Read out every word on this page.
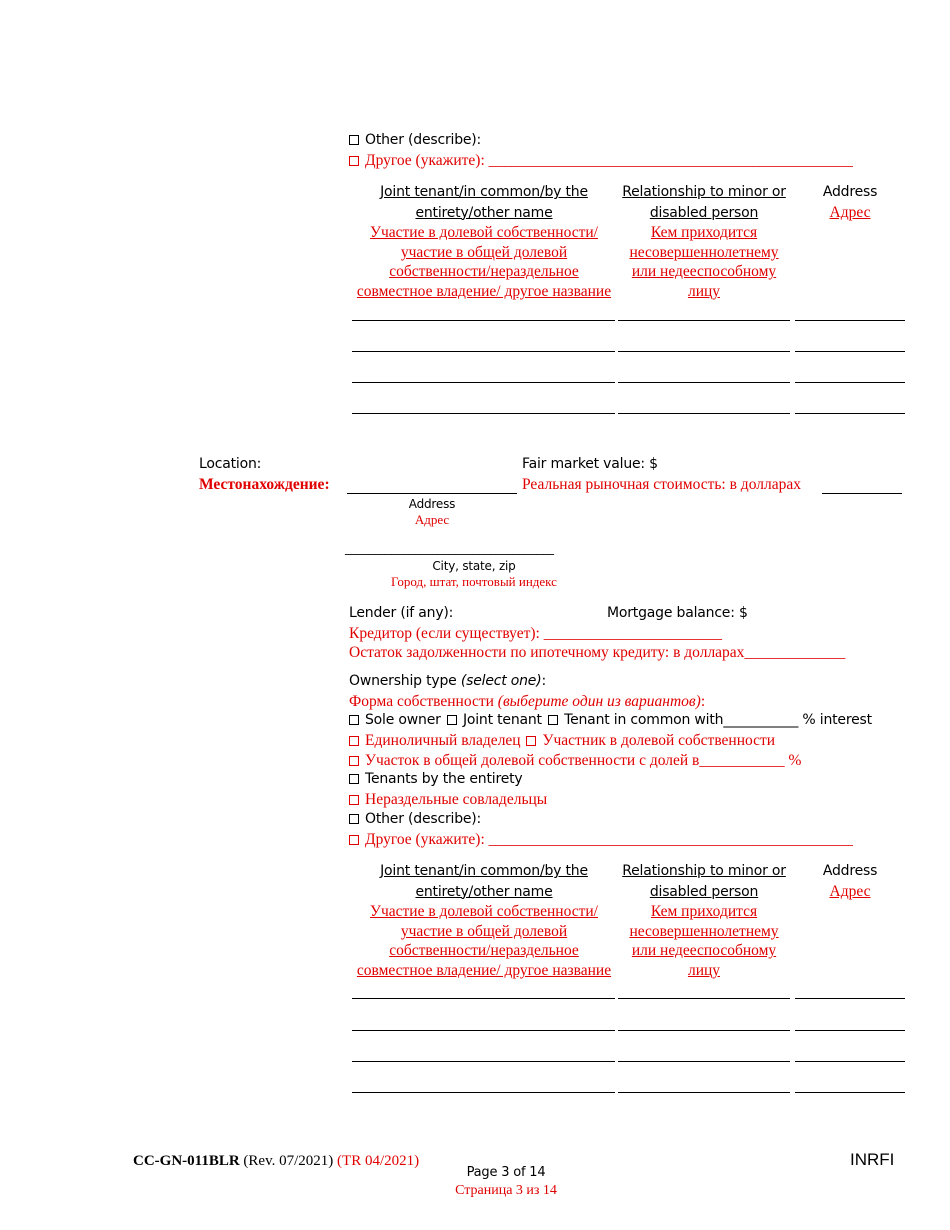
Other (describe):
Другое (укажите): _______________________________________________
Joint tenant/in common/by the entirety/other name
Участие в долевой собственности/ участие в общей долевой собственности/нераздельное совместное владение/ другое название
Relationship to minor or disabled person
Кем приходится несовершеннолетнему или недееспособному лицу
Address
Адрес
Location:
Местонахождение:
Address
Адрес
Fair market value: $
Реальная рыночная стоимость: в долларах
____________________________________
City, state, zip
Город, штат, почтовый индекс
Lender (if any):	Mortgage balance: $
Кредитор (если существует): _______________________
Остаток задолженности по ипотечному кредиту: в долларах_____________
Ownership type (select one):
Форма собственности (выберите один из вариантов):
Sole owner Joint tenant Tenant in common with___________ % interest
Единоличный владелец Участник в долевой собственности
Участок в общей долевой собственности с долей в___________ %
Tenants by the entirety
Нераздельные совладельцы
Other (describe):
Другое (укажите): _______________________________________________
Joint tenant/in common/by the entirety/other name
Участие в долевой собственности/ участие в общей долевой собственности/нераздельное совместное владение/ другое название
Relationship to minor or disabled person
Кем приходится несовершеннолетнему или недееспособному лицу
Address
Адрес
CC-GN-011BLR (Rev. 07/2021) (TR 04/2021)
Page 3 of 14
Страница 3 из 14
INRFI
